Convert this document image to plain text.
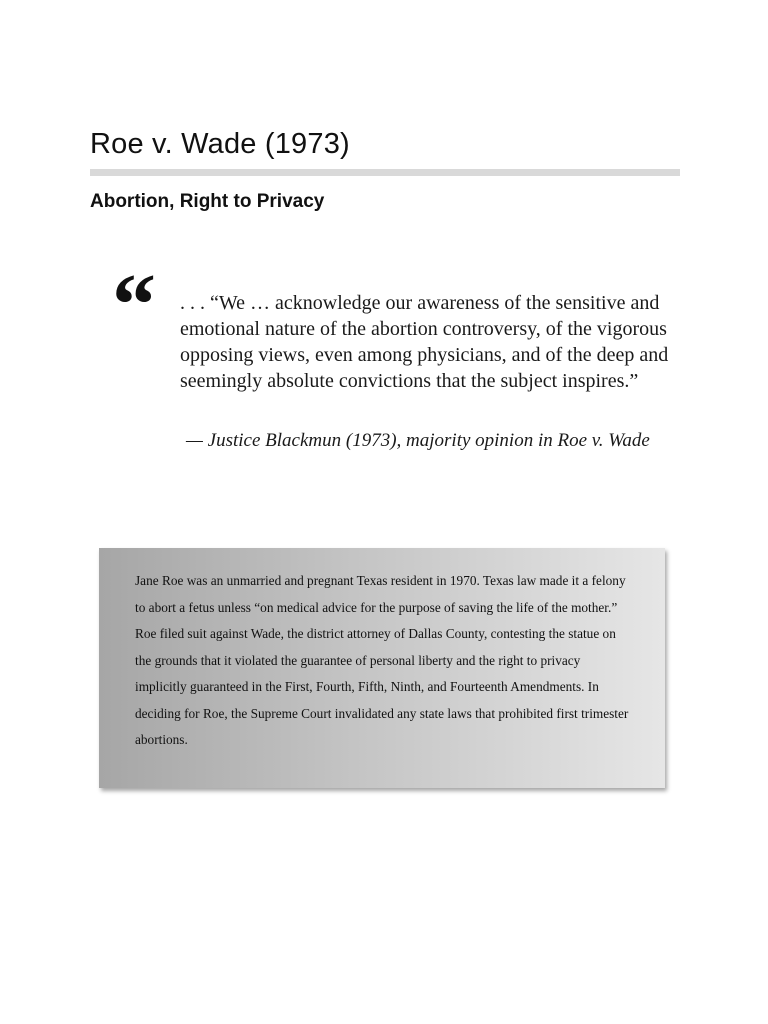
Roe v. Wade (1973)
Abortion, Right to Privacy
“ . . . “We … acknowledge our awareness of the sensitive and emotional nature of the abortion controversy, of the vigorous opposing views, even among physicians, and of the deep and seemingly absolute convictions that the subject inspires.”

— Justice Blackmun (1973), majority opinion in Roe v. Wade

Jane Roe was an unmarried and pregnant Texas resident in 1970. Texas law made it a felony to abort a fetus unless “on medical advice for the purpose of saving the life of the mother.” Roe filed suit against Wade, the district attorney of Dallas County, contesting the statue on the grounds that it violated the guarantee of personal liberty and the right to privacy implicitly guaranteed in the First, Fourth, Fifth, Ninth, and Fourteenth Amendments. In deciding for Roe, the Supreme Court invalidated any state laws that prohibited first trimester abortions.
